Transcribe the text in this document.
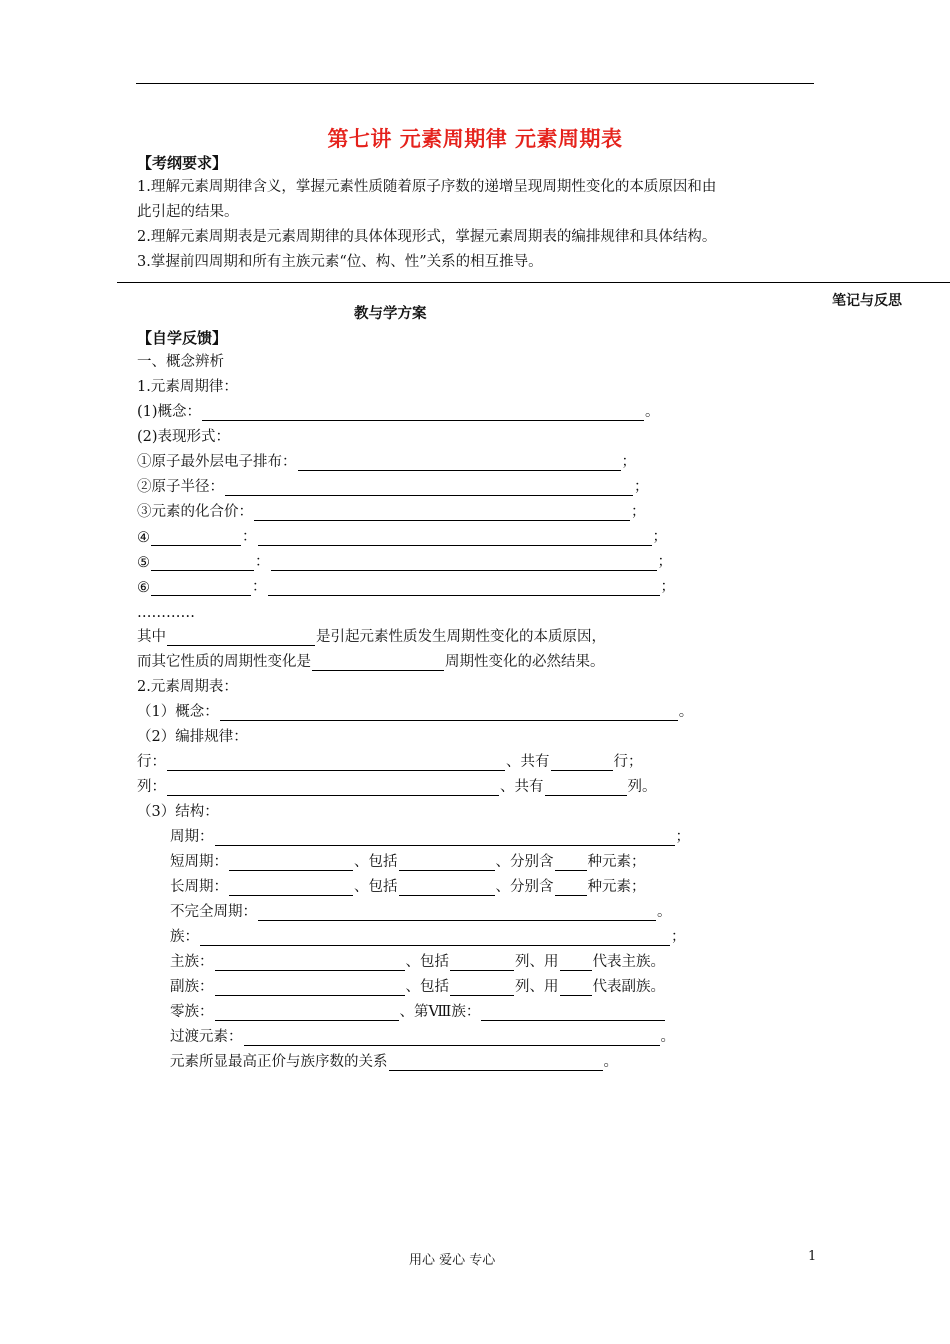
第七讲 元素周期律 元素周期表
【考纲要求】
1.理解元素周期律含义，掌握元素性质随着原子序数的递增呈现周期性变化的本质原因和由
此引起的结果。
2.理解元素周期表是元素周期律的具体体现形式，掌握元素周期表的编排规律和具体结构。
3.掌握前四周期和所有主族元素“位、构、性”关系的相互推导。
笔记与反思
教与学方案
【自学反馈】
一、概念辨析
1.元素周期律：
(1)概念：	。
(2)表现形式：
①原子最外层电子排布：	；
②原子半径：	；
③元素的化合价：	；
④	：	；
⑤	：	；
⑥	：	；
…………
其中	是引起元素性质发生周期性变化的本质原因，
而其它性质的周期性变化是	周期性变化的必然结果。
2.元素周期表：
（1）概念：	。
（2）编排规律：
行：	、共有	行；
列：	、共有	列。
（3）结构：
周期：	；
短周期：	、包括	、分别含 种元素；
长周期：	、包括	、分别含 种元素；
不完全周期：	。
族：	；
主族：	、包括	列、用 代表主族。
副族：	、包括	列、用 代表副族。
零族：	、第Ⅷ族：
过渡元素：	。
元素所显最高正价与族序数的关系	。
用心 爱心 专心	1
